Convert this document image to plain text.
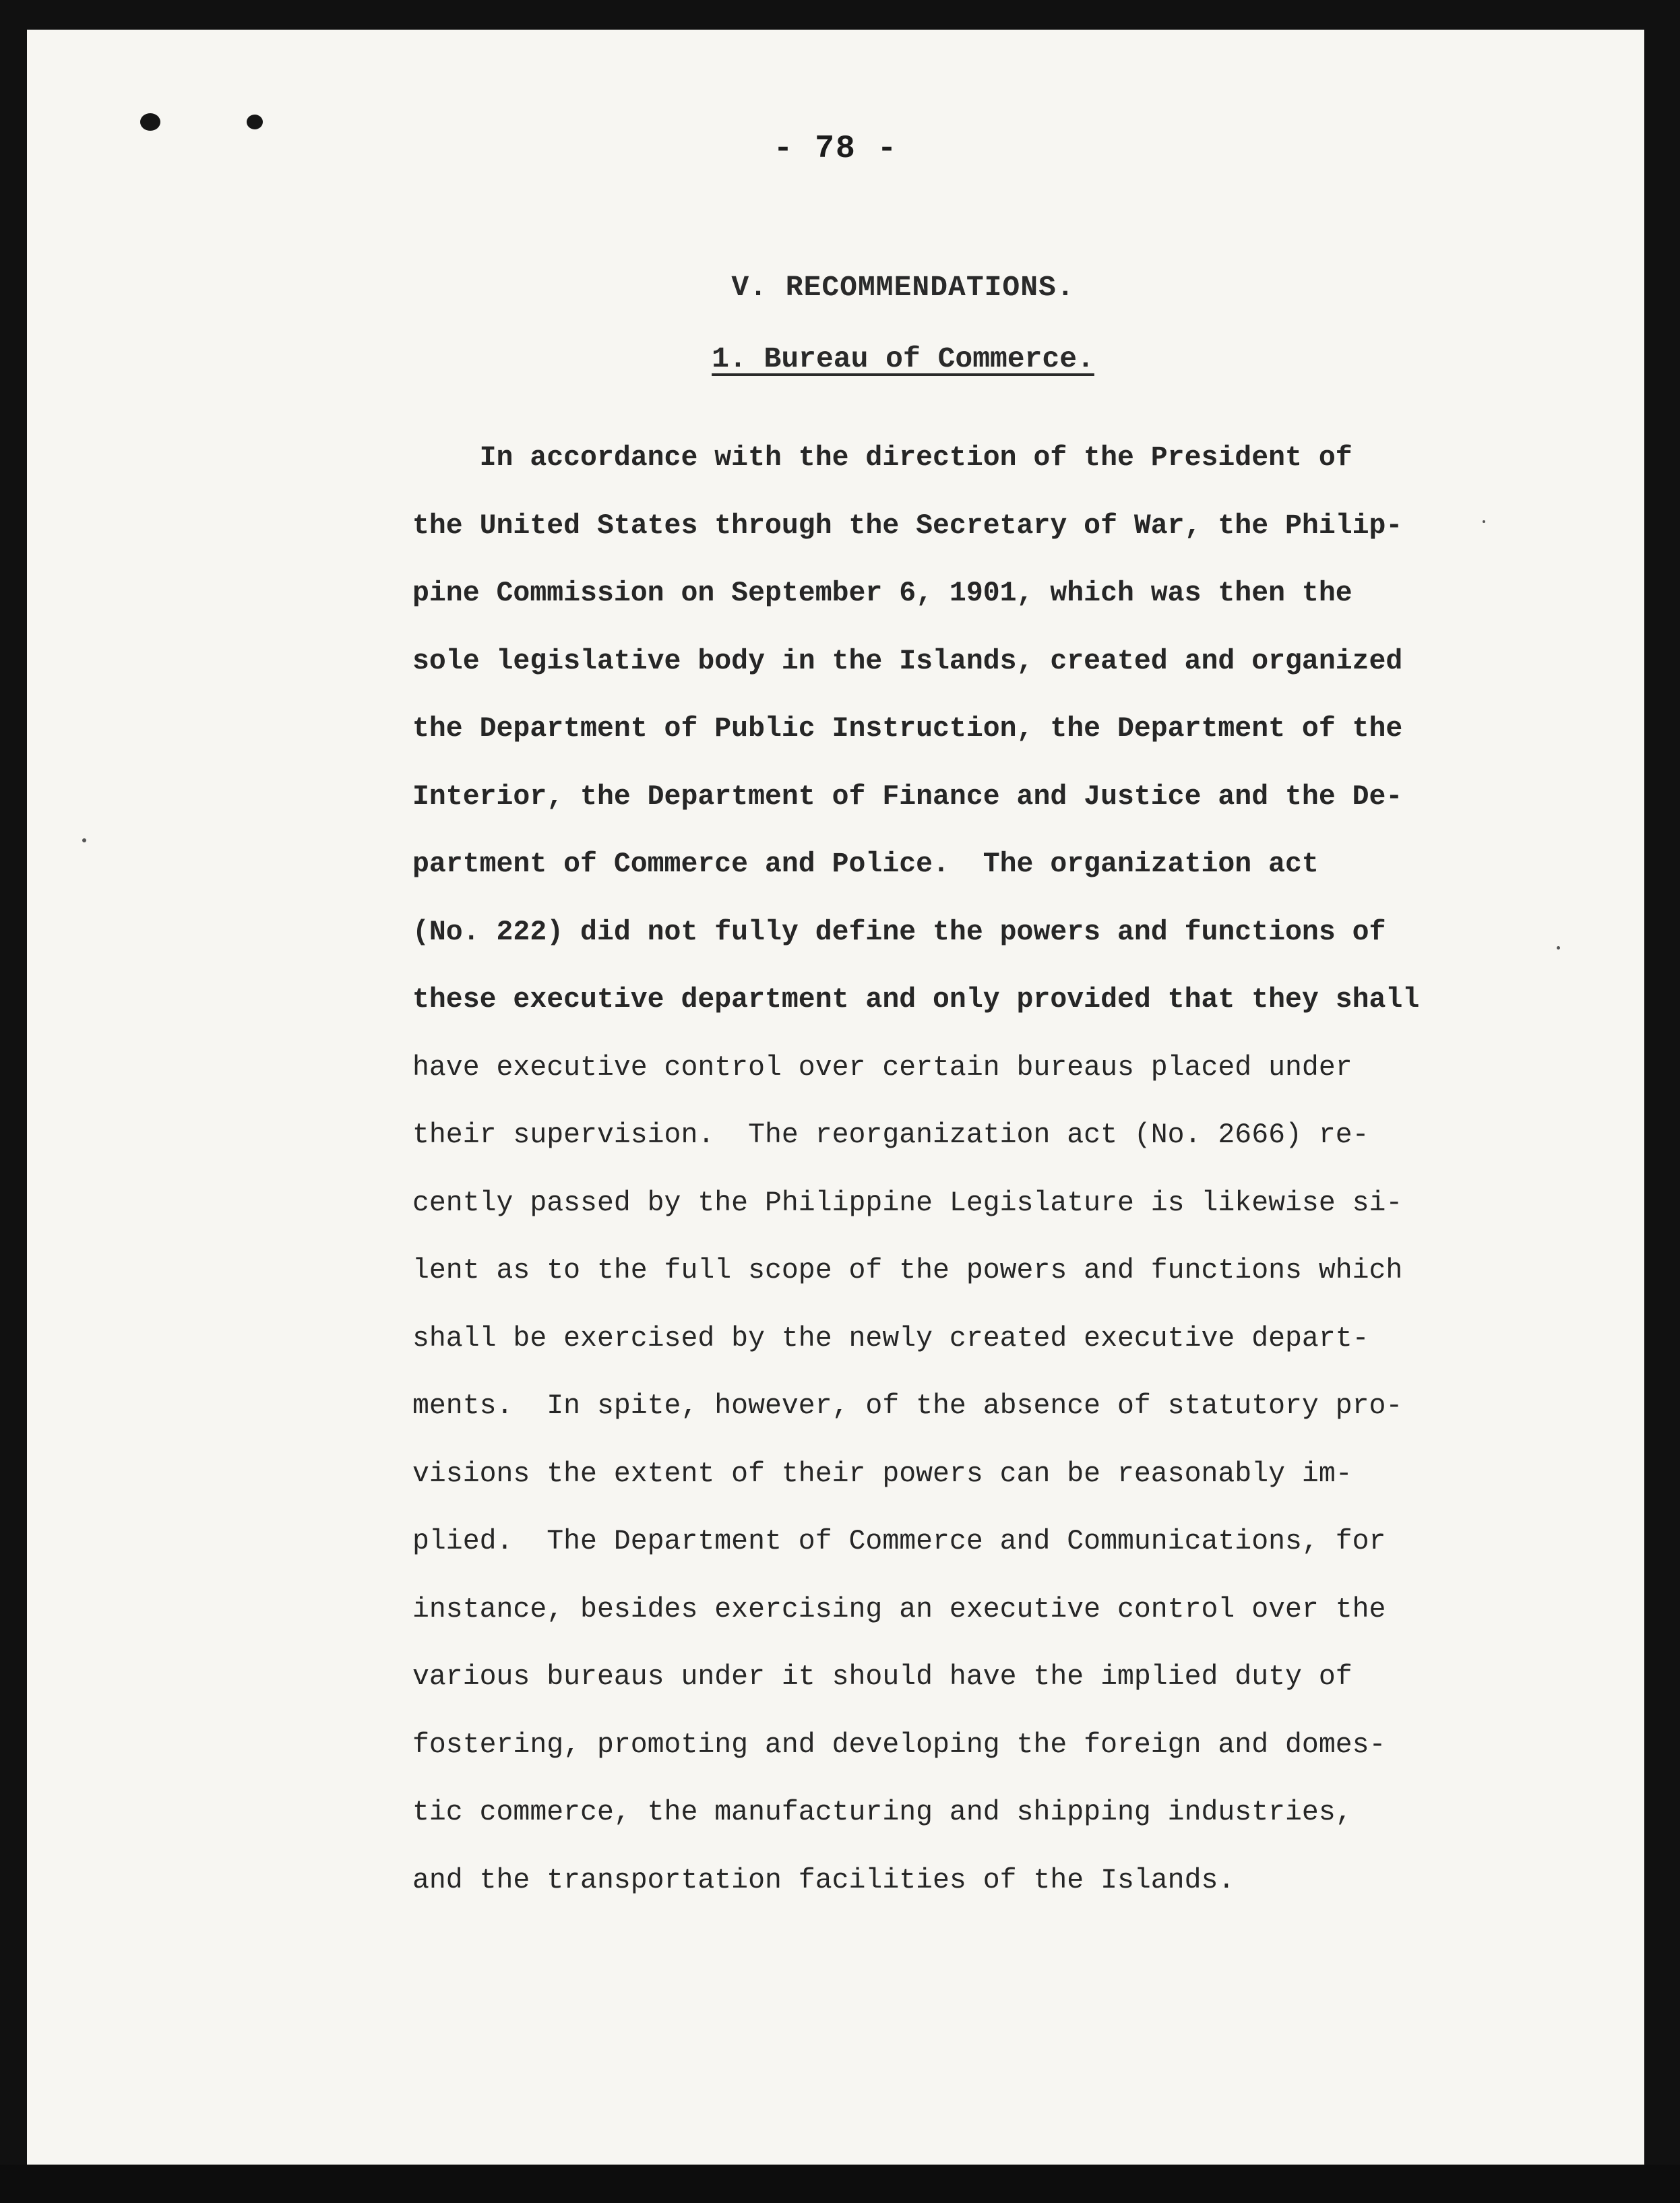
- 78 -
V. RECOMMENDATIONS.
1. Bureau of Commerce.
In accordance with the direction of the President of
the United States through the Secretary of War, the Philip-
pine Commission on September 6, 1901, which was then the
sole legislative body in the Islands, created and organized
the Department of Public Instruction, the Department of the
Interior, the Department of Finance and Justice and the De-
partment of Commerce and Police.  The organization act
(No. 222) did not fully define the powers and functions of
these executive department and only provided that they shall
have executive control over certain bureaus placed under
their supervision.  The reorganization act (No. 2666) re-
cently passed by the Philippine Legislature is likewise si-
lent as to the full scope of the powers and functions which
shall be exercised by the newly created executive depart-
ments.  In spite, however, of the absence of statutory pro-
visions the extent of their powers can be reasonably im-
plied.  The Department of Commerce and Communications, for
instance, besides exercising an executive control over the
various bureaus under it should have the implied duty of
fostering, promoting and developing the foreign and domes-
tic commerce, the manufacturing and shipping industries,
and the transportation facilities of the Islands.
